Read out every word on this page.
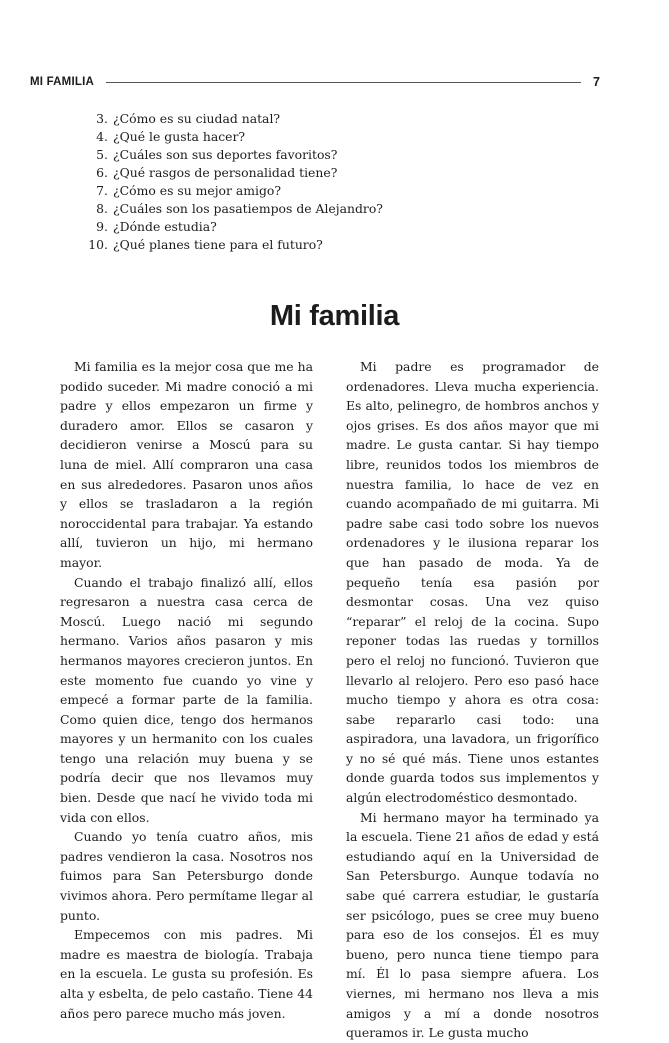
MI FAMILIA	7
3. ¿Cómo es su ciudad natal?
4. ¿Qué le gusta hacer?
5. ¿Cuáles son sus deportes favoritos?
6. ¿Qué rasgos de personalidad tiene?
7. ¿Cómo es su mejor amigo?
8. ¿Cuáles son los pasatiempos de Alejandro?
9. ¿Dónde estudia?
10. ¿Qué planes tiene para el futuro?
Mi familia

Mi familia es la mejor cosa que me ha podido suceder. Mi madre conoció a mi padre y ellos empezaron un firme y duradero amor. Ellos se casaron y decidieron venirse a Moscú para su luna de miel. Allí compraron una casa en sus alrededores. Pasaron unos años y ellos se trasladaron a la región noroccidental para trabajar. Ya estando allí, tuvieron un hijo, mi hermano mayor.

Cuando el trabajo finalizó allí, ellos regresaron a nuestra casa cerca de Moscú. Luego nació mi segundo hermano. Varios años pasaron y mis hermanos mayores crecieron juntos. En este momento fue cuando yo vine y empecé a formar parte de la familia. Como quien dice, tengo dos hermanos mayores y un hermanito con los cuales tengo una relación muy buena y se podría decir que nos llevamos muy bien. Desde que nací he vivido toda mi vida con ellos.

Cuando yo tenía cuatro años, mis padres vendieron la casa. Nosotros nos fuimos para San Petersburgo donde vivimos ahora. Pero permítame llegar al punto.

Empecemos con mis padres. Mi madre es maestra de biología. Trabaja en la escuela. Le gusta su profesión. Es alta y esbelta, de pelo castaño. Tiene 44 años pero parece mucho más joven.

Mi padre es programador de ordenadores. Lleva mucha experiencia. Es alto, pelinegro, de hombros anchos y ojos grises. Es dos años mayor que mi madre. Le gusta cantar. Si hay tiempo libre, reunidos todos los miembros de nuestra familia, lo hace de vez en cuando acompañado de mi guitarra. Mi padre sabe casi todo sobre los nuevos ordenadores y le ilusiona reparar los que han pasado de moda. Ya de pequeño tenía esa pasión por desmontar cosas. Una vez quiso “reparar” el reloj de la cocina. Supo reponer todas las ruedas y tornillos pero el reloj no funcionó. Tuvieron que llevarlo al relojero. Pero eso pasó hace mucho tiempo y ahora es otra cosa: sabe repararlo casi todo: una aspiradora, una lavadora, un frigorífico y no sé qué más. Tiene unos estantes donde guarda todos sus implementos y algún electrodoméstico desmontado.

Mi hermano mayor ha terminado ya la escuela. Tiene 21 años de edad y está estudiando aquí en la Universidad de San Petersburgo. Aunque todavía no sabe qué carrera estudiar, le gustaría ser psicólogo, pues se cree muy bueno para eso de los consejos. Él es muy bueno, pero nunca tiene tiempo para mí. Él lo pasa siempre afuera. Los viernes, mi hermano nos lleva a mis amigos y a mí a donde nosotros queramos ir. Le gusta mucho
